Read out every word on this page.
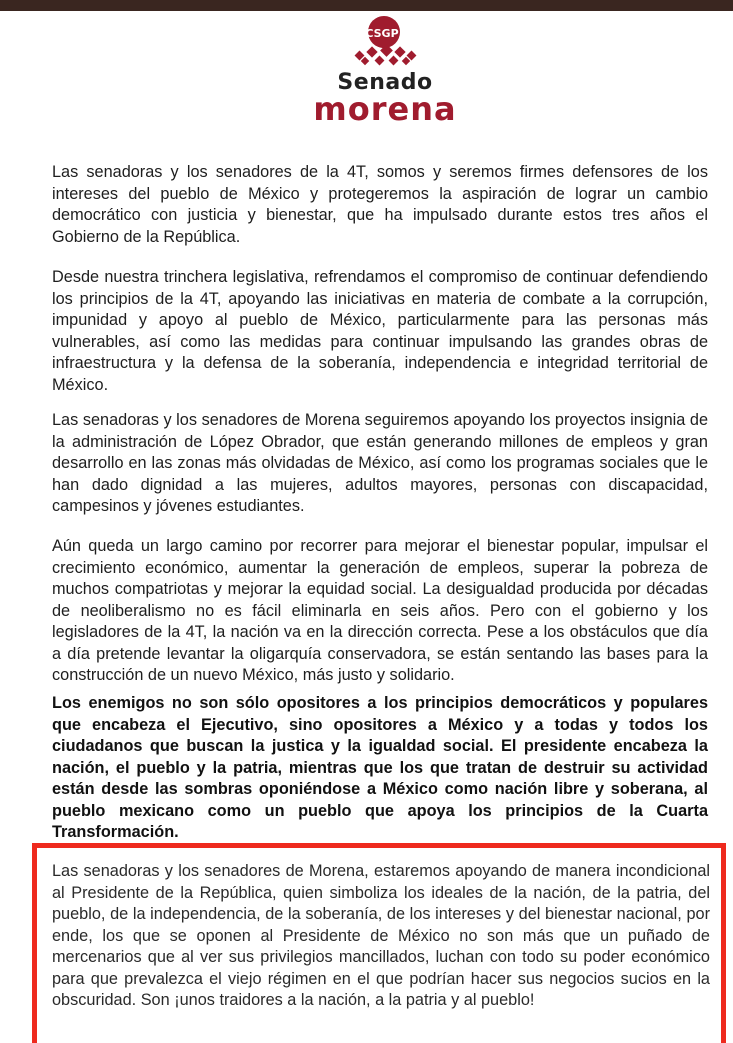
CSGP
Senado
morena

Las senadoras y los senadores de la 4T, somos y seremos firmes defensores de los intereses del pueblo de México y protegeremos la aspiración de lograr un cambio democrático con justicia y bienestar, que ha impulsado durante estos tres años el Gobierno de la República.

Desde nuestra trinchera legislativa, refrendamos el compromiso de continuar defendiendo los principios de la 4T, apoyando las iniciativas en materia de combate a la corrupción, impunidad y apoyo al pueblo de México, particularmente para las personas más vulnerables, así como las medidas para continuar impulsando las grandes obras de infraestructura y la defensa de la soberanía, independencia e integridad territorial de México.

Las senadoras y los senadores de Morena seguiremos apoyando los proyectos insignia de la administración de López Obrador, que están generando millones de empleos y gran desarrollo en las zonas más olvidadas de México, así como los programas sociales que le han dado dignidad a las mujeres, adultos mayores, personas con discapacidad, campesinos y jóvenes estudiantes.

Aún queda un largo camino por recorrer para mejorar el bienestar popular, impulsar el crecimiento económico, aumentar la generación de empleos, superar la pobreza de muchos compatriotas y mejorar la equidad social. La desigualdad producida por décadas de neoliberalismo no es fácil eliminarla en seis años. Pero con el gobierno y los legisladores de la 4T, la nación va en la dirección correcta. Pese a los obstáculos que día a día pretende levantar la oligarquía conservadora, se están sentando las bases para la construcción de un nuevo México, más justo y solidario.

Los enemigos no son sólo opositores a los principios democráticos y populares que encabeza el Ejecutivo, sino opositores a México y a todas y todos los ciudadanos que buscan la justica y la igualdad social. El presidente encabeza la nación, el pueblo y la patria, mientras que los que tratan de destruir su actividad están desde las sombras oponiéndose a México como nación libre y soberana, al pueblo mexicano como un pueblo que apoya los principios de la Cuarta Transformación.

Las senadoras y los senadores de Morena, estaremos apoyando de manera incondicional al Presidente de la República, quien simboliza los ideales de la nación, de la patria, del pueblo, de la independencia, de la soberanía, de los intereses y del bienestar nacional, por ende, los que se oponen al Presidente de México no son más que un puñado de mercenarios que al ver sus privilegios mancillados, luchan con todo su poder económico para que prevalezca el viejo régimen en el que podrían hacer sus negocios sucios en la obscuridad. Son ¡unos traidores a la nación, a la patria y al pueblo!
